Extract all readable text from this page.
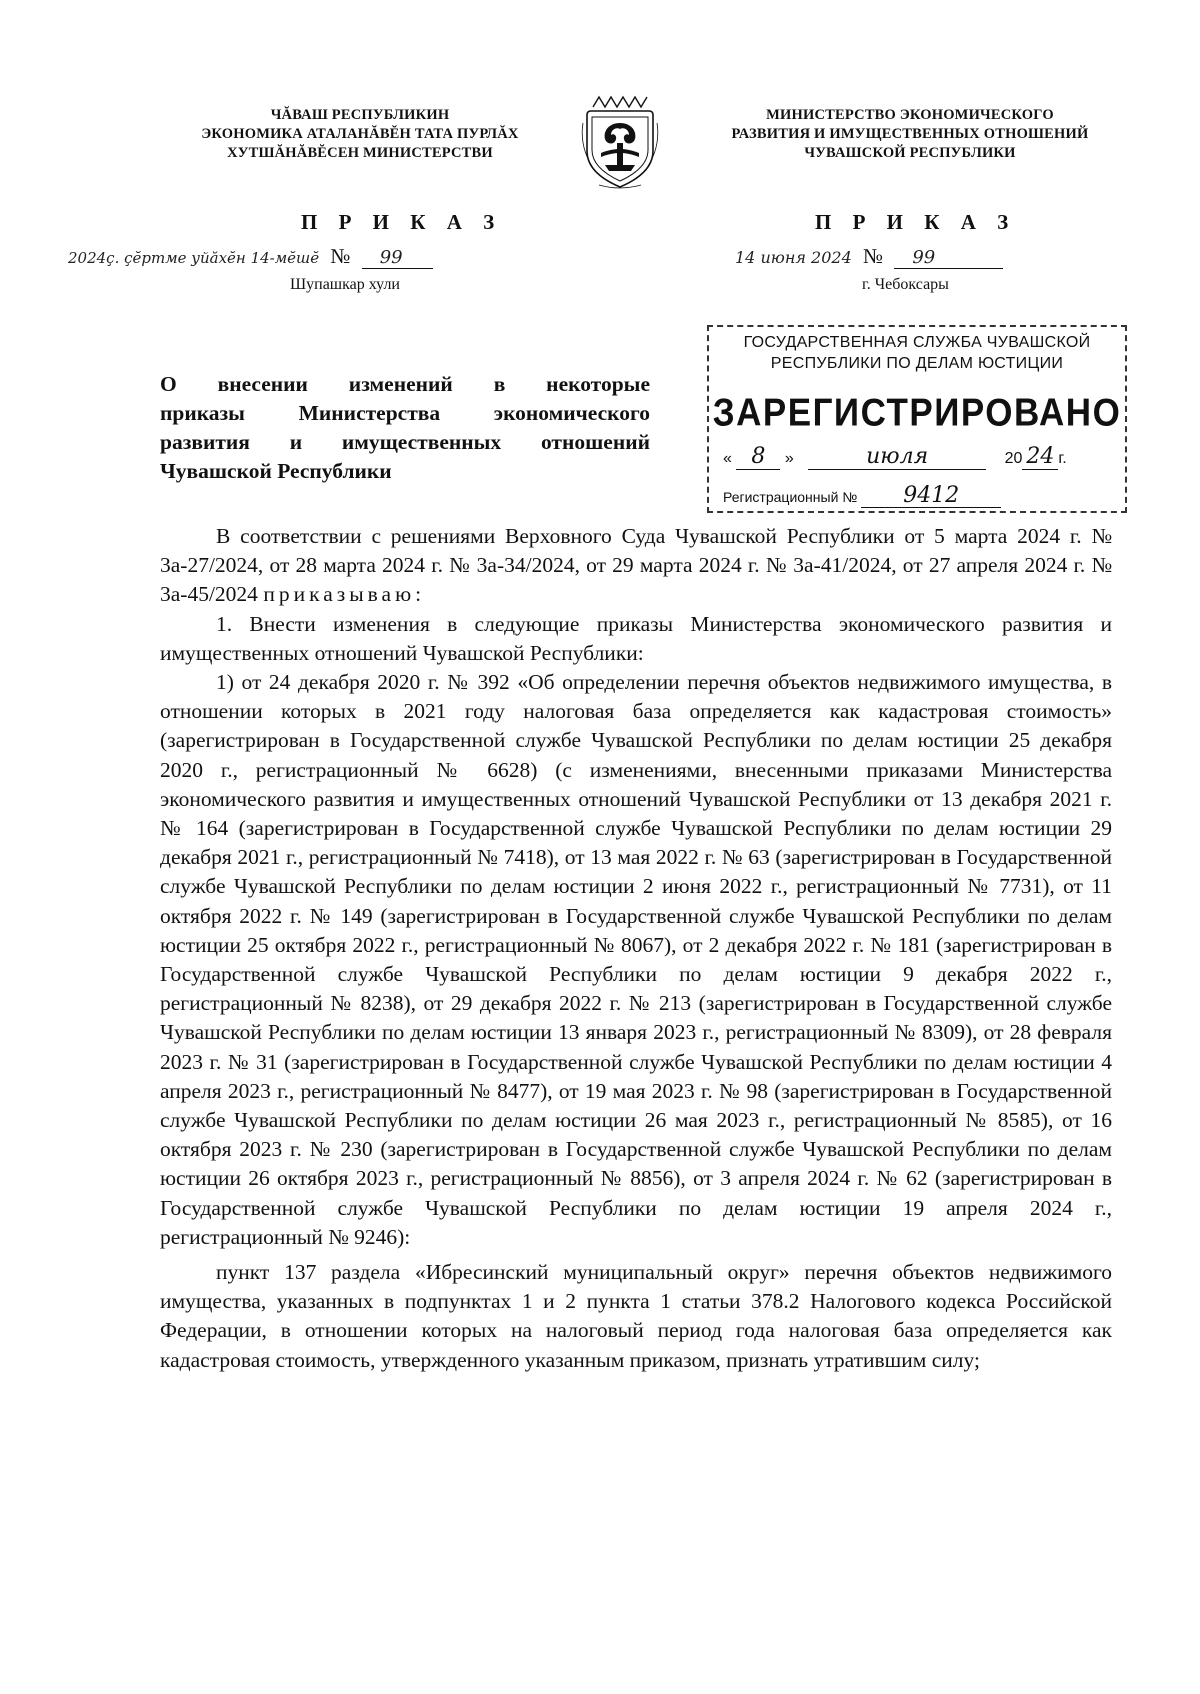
ЧĂВАШ РЕСПУБЛИКИН
ЭКОНОМИКА АТАЛАНĂВĔН ТАТА ПУРЛĂХ
ХУТШĂНĂВĔСЕН МИНИСТЕРСТВИ
МИНИСТЕРСТВО ЭКОНОМИЧЕСКОГО
РАЗВИТИЯ И ИМУЩЕСТВЕННЫХ ОТНОШЕНИЙ
ЧУВАШСКОЙ РЕСПУБЛИКИ
П Р И К А З	П Р И К А З
2024ç. çĕртме уйăхĕн 14-мĕшĕ № 99	14 июня 2024 № 99
Шупашкар хули	г. Чебоксары
О внесении изменений в некоторые
приказы Министерства экономического
развития и имущественных отношений
Чувашской Республики
ГОСУДАРСТВЕННАЯ СЛУЖБА ЧУВАШСКОЙ
РЕСПУБЛИКИ ПО ДЕЛАМ ЮСТИЦИИ
ЗАРЕГИСТРИРОВАНО
« 8 »	июля	20 24 г.
Регистрационный № 9412

В соответствии с решениями Верховного Суда Чувашской Республики от 5 марта 2024 г. № 3а-27/2024, от 28 марта 2024 г. № 3а-34/2024, от 29 марта 2024 г. № 3а-41/2024, от 27 апреля 2024 г. № 3а-45/2024 приказываю:

1. Внести изменения в следующие приказы Министерства экономического развития и имущественных отношений Чувашской Республики:

1) от 24 декабря 2020 г. № 392 «Об определении перечня объектов недвижимого имущества, в отношении которых в 2021 году налоговая база определяется как кадастровая стоимость» (зарегистрирован в Государственной службе Чувашской Республики по делам юстиции 25 декабря 2020 г., регистрационный № 6628) (с изменениями, внесенными приказами Министерства экономического развития и имущественных отношений Чувашской Республики от 13 декабря 2021 г. № 164 (зарегистрирован в Государственной службе Чувашской Республики по делам юстиции 29 декабря 2021 г., регистрационный № 7418), от 13 мая 2022 г. № 63 (зарегистрирован в Государственной службе Чувашской Республики по делам юстиции 2 июня 2022 г., регистрационный № 7731), от 11 октября 2022 г. № 149 (зарегистрирован в Государственной службе Чувашской Республики по делам юстиции 25 октября 2022 г., регистрационный № 8067), от 2 декабря 2022 г. № 181 (зарегистрирован в Государственной службе Чувашской Республики по делам юстиции 9 декабря 2022 г., регистрационный № 8238), от 29 декабря 2022 г. № 213 (зарегистрирован в Государственной службе Чувашской Республики по делам юстиции 13 января 2023 г., регистрационный № 8309), от 28 февраля 2023 г. № 31 (зарегистрирован в Государственной службе Чувашской Республики по делам юстиции 4 апреля 2023 г., регистрационный № 8477), от 19 мая 2023 г. № 98 (зарегистрирован в Государственной службе Чувашской Республики по делам юстиции 26 мая 2023 г., регистрационный № 8585), от 16 октября 2023 г. № 230 (зарегистрирован в Государственной службе Чувашской Республики по делам юстиции 26 октября 2023 г., регистрационный № 8856), от 3 апреля 2024 г. № 62 (зарегистрирован в Государственной службе Чувашской Республики по делам юстиции 19 апреля 2024 г., регистрационный № 9246):

пункт 137 раздела «Ибресинский муниципальный округ» перечня объектов недвижимого имущества, указанных в подпунктах 1 и 2 пункта 1 статьи 378.2 Налогового кодекса Российской Федерации, в отношении которых на налоговый период года налоговая база определяется как кадастровая стоимость, утвержденного указанным приказом, признать утратившим силу;
